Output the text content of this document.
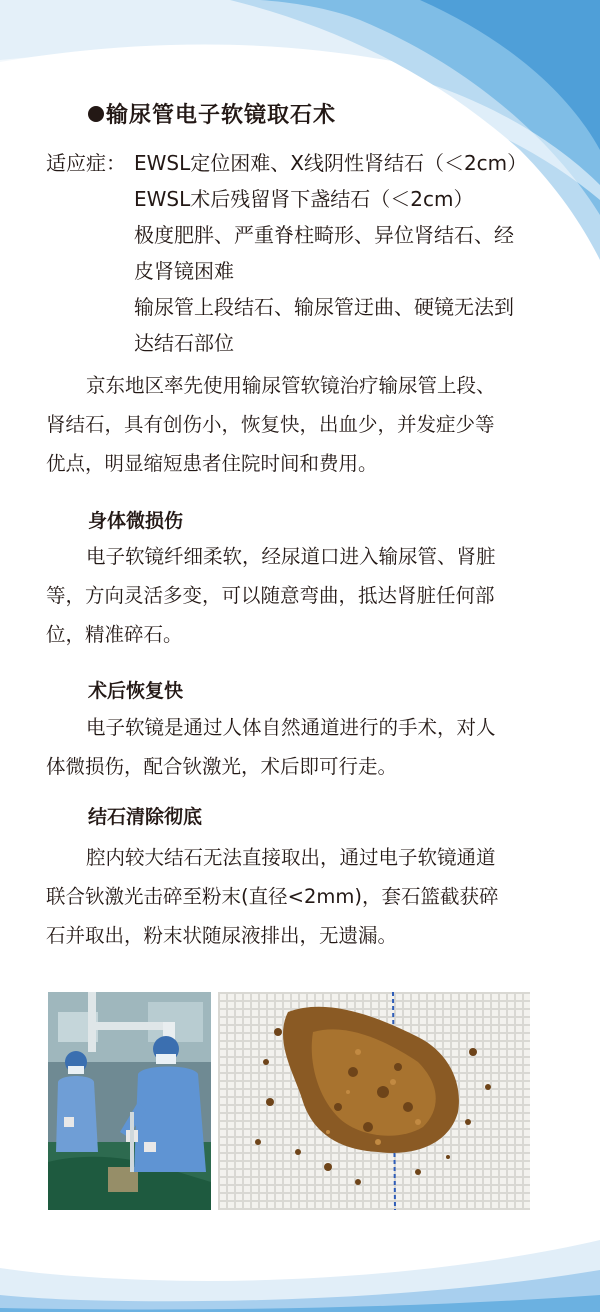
输尿管电子软镜取石术
适应症： EWSL定位困难、X线阴性肾结石（＜2cm）
EWSL术后残留肾下盏结石（＜2cm）
极度肥胖、严重脊柱畸形、异位肾结石、经
皮肾镜困难
输尿管上段结石、输尿管迂曲、硬镜无法到
达结石部位

京东地区率先使用输尿管软镜治疗输尿管上段、
肾结石，具有创伤小，恢复快，出血少，并发症少等
优点，明显缩短患者住院时间和费用。

身体微损伤

电子软镜纤细柔软，经尿道口进入输尿管、肾脏
等，方向灵活多变，可以随意弯曲，抵达肾脏任何部
位，精准碎石。

术后恢复快

电子软镜是通过人体自然通道进行的手术，对人
体微损伤，配合钬激光，术后即可行走。

结石清除彻底

腔内较大结石无法直接取出，通过电子软镜通道
联合钬激光击碎至粉末(直径<2mm)，套石篮截获碎
石并取出，粉末状随尿液排出，无遗漏。
